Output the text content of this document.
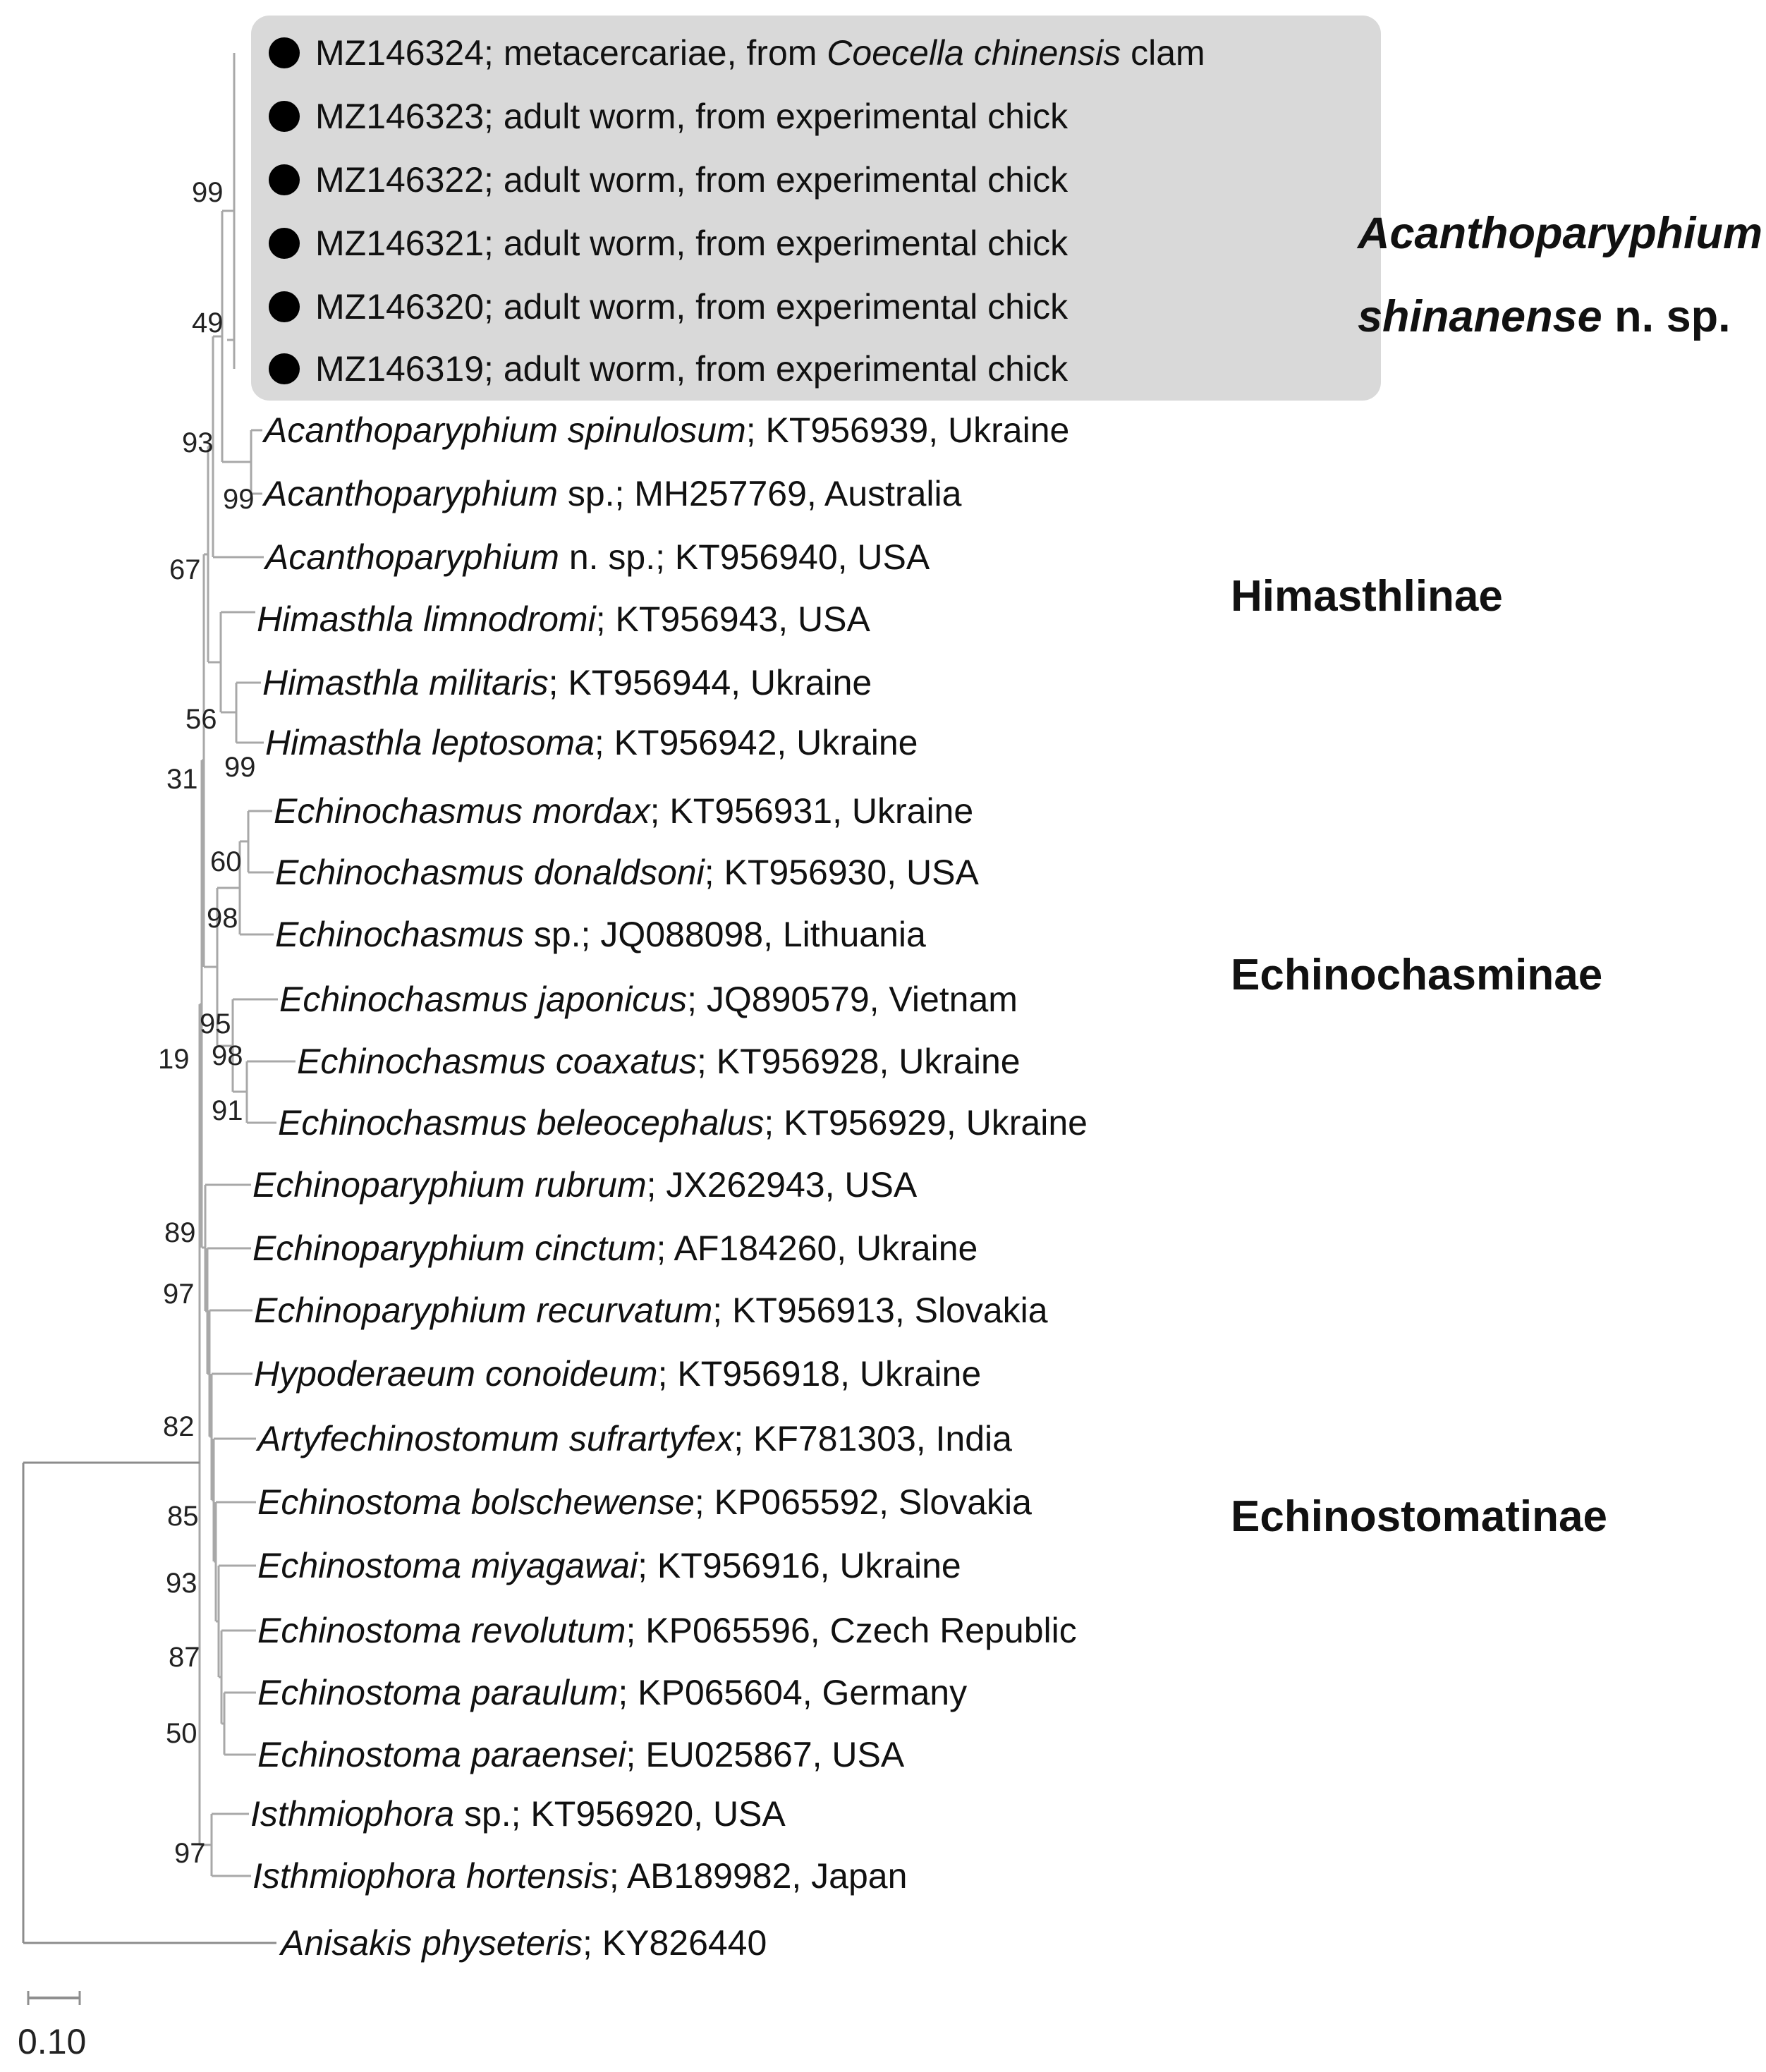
MZ146324; metacercariae, from Coecella chinensis clam
MZ146323; adult worm, from experimental chick
MZ146322; adult worm, from experimental chick
MZ146321; adult worm, from experimental chick
MZ146320; adult worm, from experimental chick
MZ146319; adult worm, from experimental chick
Acanthoparyphium spinulosum; KT956939, Ukraine
Acanthoparyphium sp.; MH257769, Australia
Acanthoparyphium n. sp.; KT956940, USA
Himasthla limnodromi; KT956943, USA
Himasthla militaris; KT956944, Ukraine
Himasthla leptosoma; KT956942, Ukraine
Echinochasmus mordax; KT956931, Ukraine
Echinochasmus donaldsoni; KT956930, USA
Echinochasmus sp.; JQ088098, Lithuania
Echinochasmus japonicus; JQ890579, Vietnam
Echinochasmus coaxatus; KT956928, Ukraine
Echinochasmus beleocephalus; KT956929, Ukraine
Echinoparyphium rubrum; JX262943, USA
Echinoparyphium cinctum; AF184260, Ukraine
Echinoparyphium recurvatum; KT956913, Slovakia
Hypoderaeum conoideum; KT956918, Ukraine
Artyfechinostomum sufrartyfex; KF781303, India
Echinostoma bolschewense; KP065592, Slovakia
Echinostoma miyagawai; KT956916, Ukraine
Echinostoma revolutum; KP065596, Czech Republic
Echinostoma paraulum; KP065604, Germany
Echinostoma paraensei; EU025867, USA
Isthmiophora sp.; KT956920, USA
Isthmiophora hortensis; AB189982, Japan
Anisakis physeteris; KY826440
99
49
93
99
67
56
99
31
60
98
95
19 98
91
89
97
82
85
93
87
50
97
Acanthoparyphium
shinanense n. sp.
Himasthlinae
Echinochasminae
Echinostomatinae
0.10
